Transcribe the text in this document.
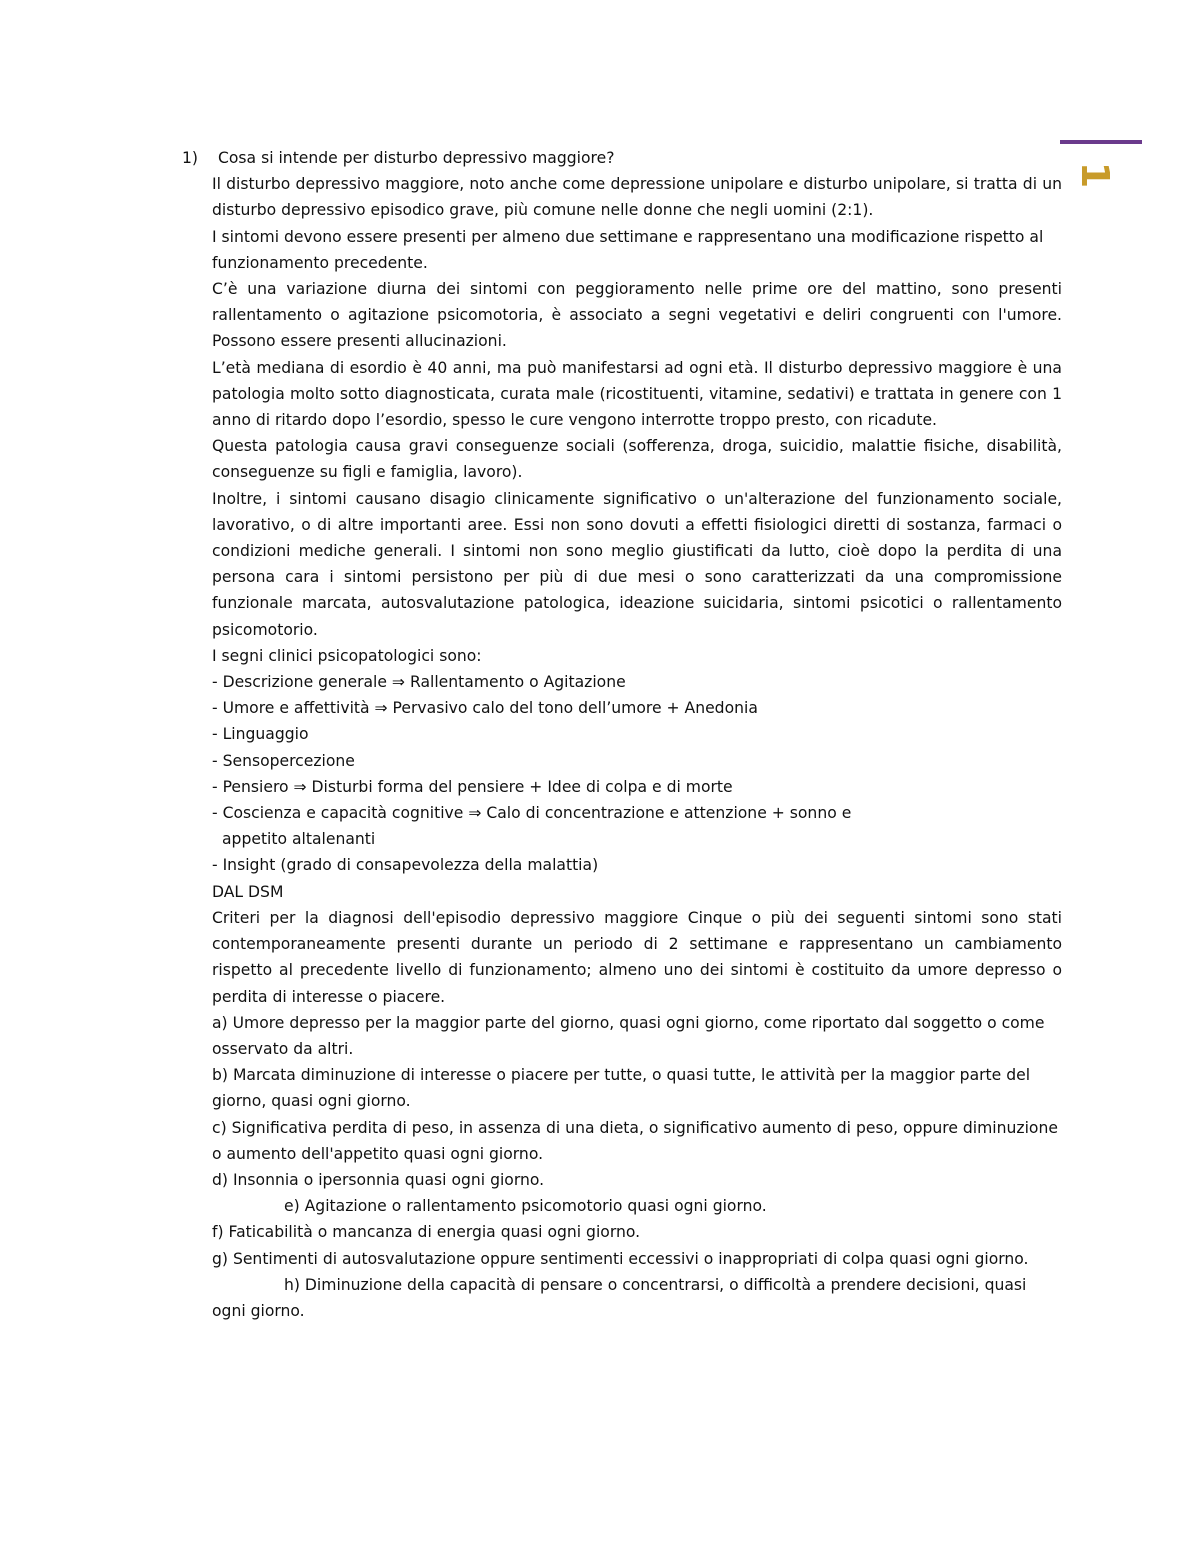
1
1)	Cosa si intende per disturbo depressivo maggiore?

Il disturbo depressivo maggiore, noto anche come depressione unipolare e disturbo unipolare, si tratta di un disturbo depressivo episodico grave, più comune nelle donne che negli uomini (2:1).

I sintomi devono essere presenti per almeno due settimane e rappresentano una modificazione rispetto al funzionamento precedente.

C’è una variazione diurna dei sintomi con peggioramento nelle prime ore del mattino, sono presenti rallentamento o agitazione psicomotoria, è associato a segni vegetativi e deliri congruenti con l'umore. Possono essere presenti allucinazioni.

L’età mediana di esordio è 40 anni, ma può manifestarsi ad ogni età. Il disturbo depressivo maggiore è una patologia molto sotto diagnosticata, curata male (ricostituenti, vitamine, sedativi) e trattata in genere con 1 anno di ritardo dopo l’esordio, spesso le cure vengono interrotte troppo presto, con ricadute.

Questa patologia causa gravi conseguenze sociali (sofferenza, droga, suicidio, malattie fisiche, disabilità, conseguenze su figli e famiglia, lavoro).

Inoltre, i sintomi causano disagio clinicamente significativo o un'alterazione del funzionamento sociale, lavorativo, o di altre importanti aree. Essi non sono dovuti a effetti fisiologici diretti di sostanza, farmaci o condizioni mediche generali. I sintomi non sono meglio giustificati da lutto, cioè dopo la perdita di una persona cara i sintomi persistono per più di due mesi o sono caratterizzati da una compromissione funzionale marcata, autosvalutazione patologica, ideazione suicidaria, sintomi psicotici o rallentamento psicomotorio.

I segni clinici psicopatologici sono:

- Descrizione generale ⇒ Rallentamento o Agitazione

- Umore e affettività ⇒ Pervasivo calo del tono dell’umore + Anedonia

- Linguaggio

- Sensopercezione

- Pensiero ⇒ Disturbi forma del pensiere + Idee di colpa e di morte

- Coscienza e capacità cognitive ⇒ Calo di concentrazione e attenzione + sonno e

appetito altalenanti

- Insight (grado di consapevolezza della malattia)

DAL DSM

Criteri per la diagnosi dell'episodio depressivo maggiore Cinque o più dei seguenti sintomi sono stati contemporaneamente presenti durante un periodo di 2 settimane e rappresentano un cambiamento rispetto al precedente livello di funzionamento; almeno uno dei sintomi è costituito da umore depresso o perdita di interesse o piacere.

a) Umore depresso per la maggior parte del giorno, quasi ogni giorno, come riportato dal soggetto o come osservato da altri.

b) Marcata diminuzione di interesse o piacere per tutte, o quasi tutte, le attività per la maggior parte del giorno, quasi ogni giorno.

c) Significativa perdita di peso, in assenza di una dieta, o significativo aumento di peso, oppure diminuzione o aumento dell'appetito quasi ogni giorno.

d) Insonnia o ipersonnia quasi ogni giorno.

e) Agitazione o rallentamento psicomotorio quasi ogni giorno.

f) Faticabilità o mancanza di energia quasi ogni giorno.

g) Sentimenti di autosvalutazione oppure sentimenti eccessivi o inappropriati di colpa quasi ogni giorno.

h) Diminuzione della capacità di pensare o concentrarsi, o difficoltà a prendere decisioni, quasi ogni giorno.
